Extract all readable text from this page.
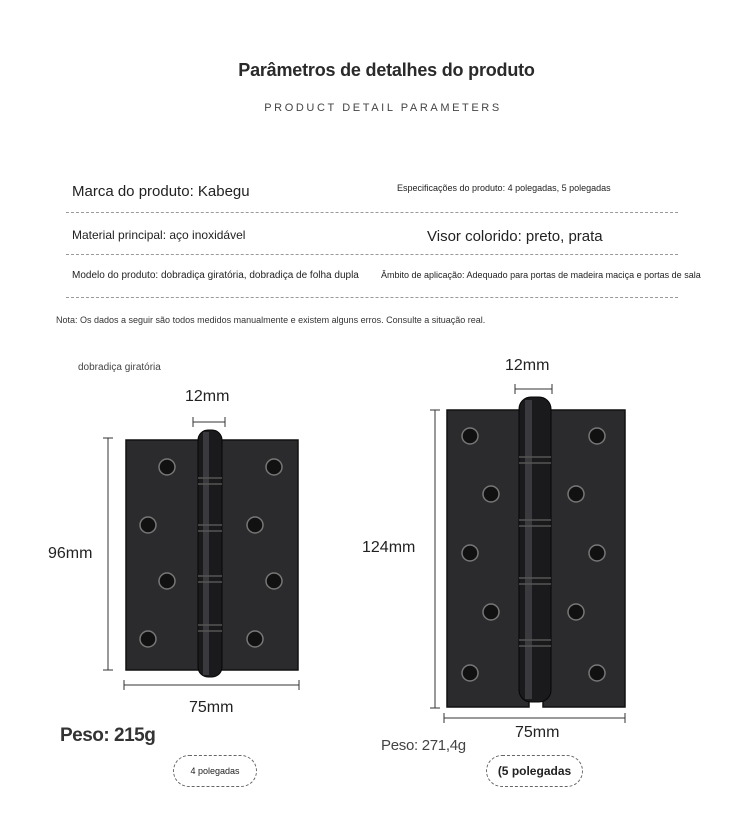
Parâmetros de detalhes do produto
PRODUCT DETAIL PARAMETERS
Marca do produto: Kabegu	Especificações do produto: 4 polegadas, 5 polegadas
Material principal: aço inoxidável	Visor colorido: preto, prata
Modelo do produto: dobradiça giratória, dobradiça de folha dupla Âmbito de aplicação: Adequado para portas de madeira maciça e portas de sala
Nota: Os dados a seguir são todos medidos manualmente e existem alguns erros. Consulte a situação real.
dobradiça giratória
12mm
96mm
75mm
Peso: 215g
4 polegadas
12mm
124mm
75mm
Peso: 271,4g
(5 polegadas
